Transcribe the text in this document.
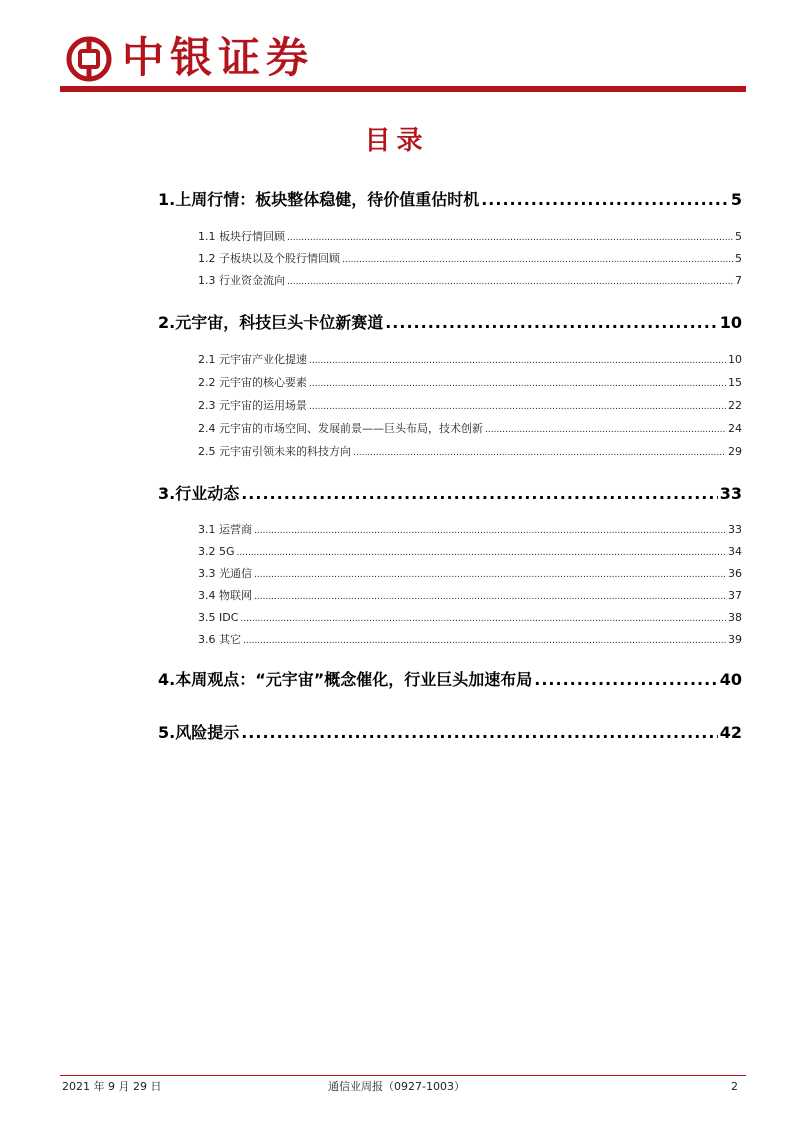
中银证券
目录
1.上周行情：板块整体稳健，待价值重估时机 .....	5
1.1 板块行情回顾 .....	5
1.2 子板块以及个股行情回顾 .....	5
1.3 行业资金流向 .....	7
2.元宇宙，科技巨头卡位新赛道 .....	10
2.1 元宇宙产业化提速 .....	10
2.2 元宇宙的核心要素 .....	15
2.3 元宇宙的运用场景 .....	22
2.4 元宇宙的市场空间、发展前景——巨头布局，技术创新 .....	24
2.5 元宇宙引领未来的科技方向 .....	29
3.行业动态 .....	33
3.1 运营商 .....	33
3.2 5G .....	34
3.3 光通信 .....	36
3.4 物联网 .....	37
3.5 IDC .....	38
3.6 其它 .....	39
4.本周观点：“元宇宙”概念催化，行业巨头加速布局 .....	40
5.风险提示 .....	42
2021 年 9 月 29 日	通信业周报（0927-1003）	2
